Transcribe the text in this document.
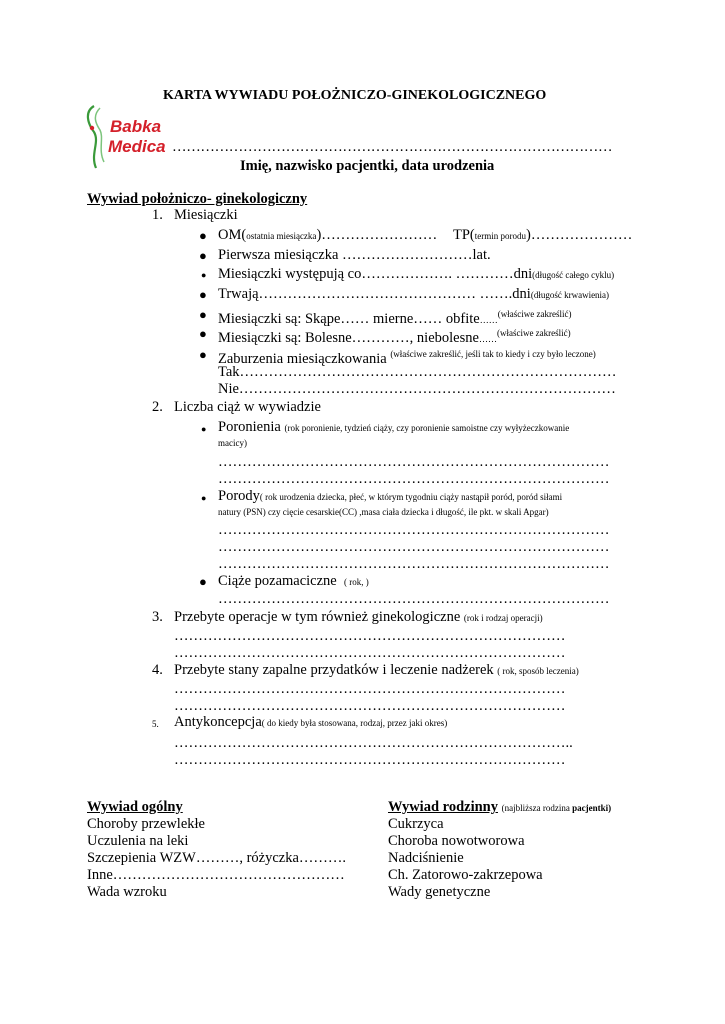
KARTA WYWIADU POŁOŻNICZO-GINEKOLOGICZNEGO
Babka
Medica …………………………………………………………………………………
Imię, nazwisko pacjentki, data urodzenia
Wywiad położniczo- ginekologiczny
1. Miesiączki
● OM(ostatnia miesiączka)…………………… TP(termin porodu)…………………
● Pierwsza miesiączka ………………………lat.
● Miesiączki występują co………………. …………dni(długość całego cyklu)
● Trwają……………………………………… …….dni(długość krwawienia)
● Miesiączki są: Skąpe…… mierne…… obfite……$^{(właściwe zakreślić)}$
● Miesiączki są: Bolesne…………, niebolesne……$^{(właściwe zakreślić)}$
● Zaburzenia miesiączkowania $^{(właściwe zakreślić, jeśli tak to kiedy i czy było leczone)}$
Tak……………………………………………………………………
Nie……………………………………………………………………
2. Liczba ciąż w wywiadzie
● Poronienia (rok poronienie, tydzień ciąży, czy poronienie samoistne czy wyłyżeczkowanie
macicy)
………………………………………………………………………
………………………………………………………………………
● Porody( rok urodzenia dziecka, płeć, w którym tygodniu ciąży nastąpił poród, poród siłami
natury (PSN) czy cięcie cesarskie(CC) ,masa ciała dziecka i długość, ile pkt. w skali Apgar)
………………………………………………………………………
………………………………………………………………………
………………………………………………………………………
● Ciąże pozamaciczne ( rok, )
………………………………………………………………………
3. Przebyte operacje w tym również ginekologiczne (rok i rodzaj operacji)
………………………………………………………………………
………………………………………………………………………
4. Przebyte stany zapalne przydatków i leczenie nadżerek ( rok, sposób leczenia)
………………………………………………………………………
………………………………………………………………………
5. Antykoncepcja( do kiedy była stosowana, rodzaj, przez jaki okres)
………………………………………………………………………..
………………………………………………………………………
Wywiad ogólny
Choroby przewlekłe
Uczulenia na leki
Szczepienia WZW………, różyczka……….
Inne…………………………………………
Wada wzroku
Wywiad rodzinny (najbliższa rodzina pacjentki)
Cukrzyca
Choroba nowotworowa
Nadciśnienie
Ch. Zatorowo-zakrzepowa
Wady genetyczne
